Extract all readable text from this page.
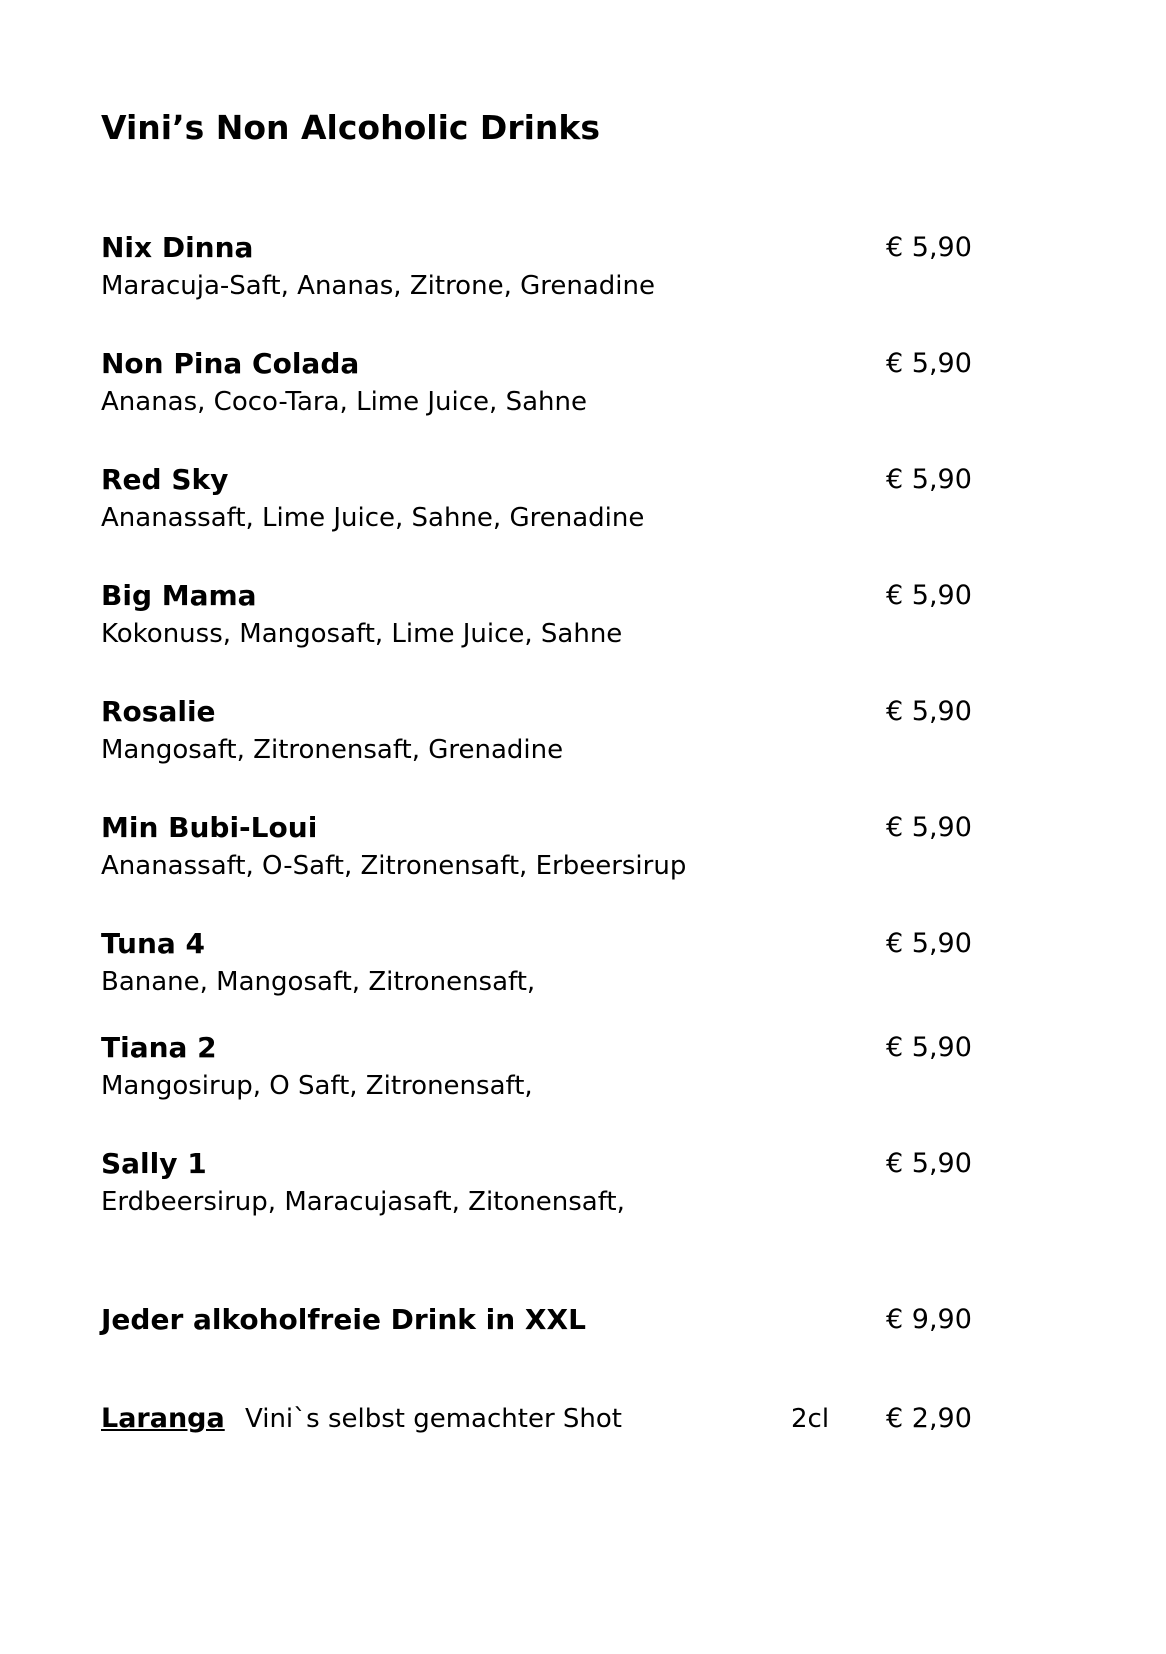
Vini’s Non Alcoholic Drinks
Nix Dinna
Maracuja-Saft, Ananas, Zitrone, Grenadine
€ 5,90
Non Pina Colada
Ananas, Coco-Tara, Lime Juice, Sahne
€ 5,90
Red Sky
Ananassaft, Lime Juice, Sahne, Grenadine
€ 5,90
Big Mama
Kokonuss, Mangosaft, Lime Juice, Sahne
€ 5,90
Rosalie
Mangosaft, Zitronensaft, Grenadine
€ 5,90
Min Bubi-Loui
Ananassaft, O-Saft, Zitronensaft, Erbeersirup
€ 5,90
Tuna 4
Banane, Mangosaft, Zitronensaft,
€ 5,90
Tiana 2
Mangosirup, O Saft, Zitronensaft,
€ 5,90
Sally 1
Erdbeersirup, Maracujasaft, Zitonensaft,
€ 5,90
Jeder alkoholfreie Drink in XXL	€ 9,90
Laranga Vini`s selbst gemachter Shot	2cl € 2,90
